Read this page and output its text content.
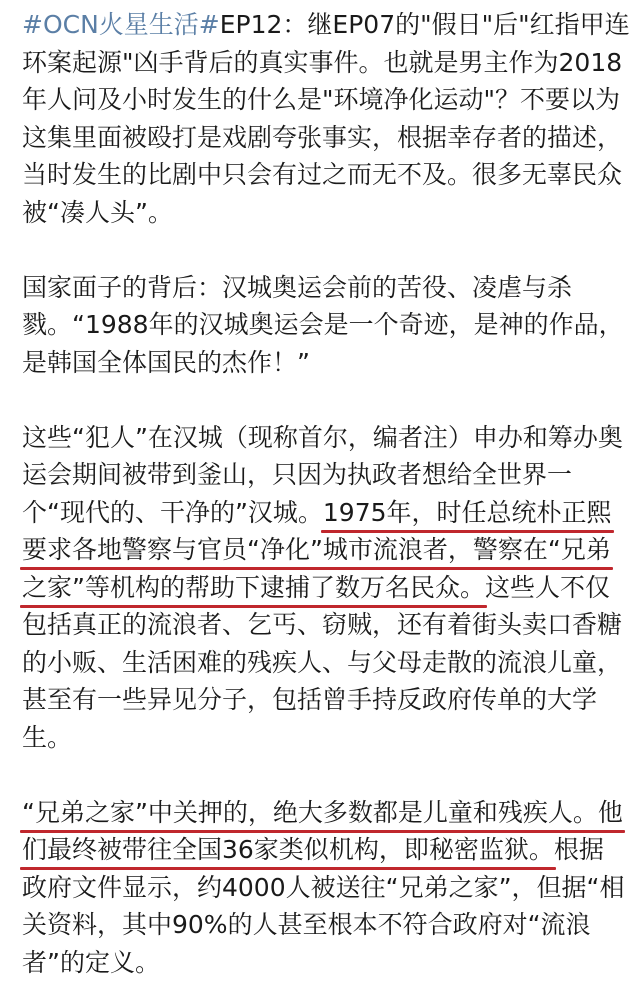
#OCN火星生活#EP12：继EP07的"假日"后"红指甲连
环案起源"凶手背后的真实事件。也就是男主作为2018
年人问及小时发生的什么是"环境净化运动"？不要以为
这集里面被殴打是戏剧夸张事实，根据幸存者的描述，
当时发生的比剧中只会有过之而无不及。很多无辜民众
被“凑人头”。
国家面子的背后：汉城奥运会前的苦役、凌虐与杀
戮。“1988年的汉城奥运会是一个奇迹，是神的作品，
是韩国全体国民的杰作！”
这些“犯人”在汉城（现称首尔，编者注）申办和筹办奥
运会期间被带到釜山，只因为执政者想给全世界一
个“现代的、干净的”汉城。1975年，时任总统朴正熙
要求各地警察与官员“净化”城市流浪者，警察在“兄弟
之家”等机构的帮助下逮捕了数万名民众。这些人不仅
包括真正的流浪者、乞丐、窃贼，还有着街头卖口香糖
的小贩、生活困难的残疾人、与父母走散的流浪儿童，
甚至有一些异见分子，包括曾手持反政府传单的大学
生。
“兄弟之家”中关押的，绝大多数都是儿童和残疾人。他
们最终被带往全国36家类似机构，即秘密监狱。根据
政府文件显示，约4000人被送往“兄弟之家”，但据“相
关资料，其中90%的人甚至根本不符合政府对“流浪
者”的定义。
